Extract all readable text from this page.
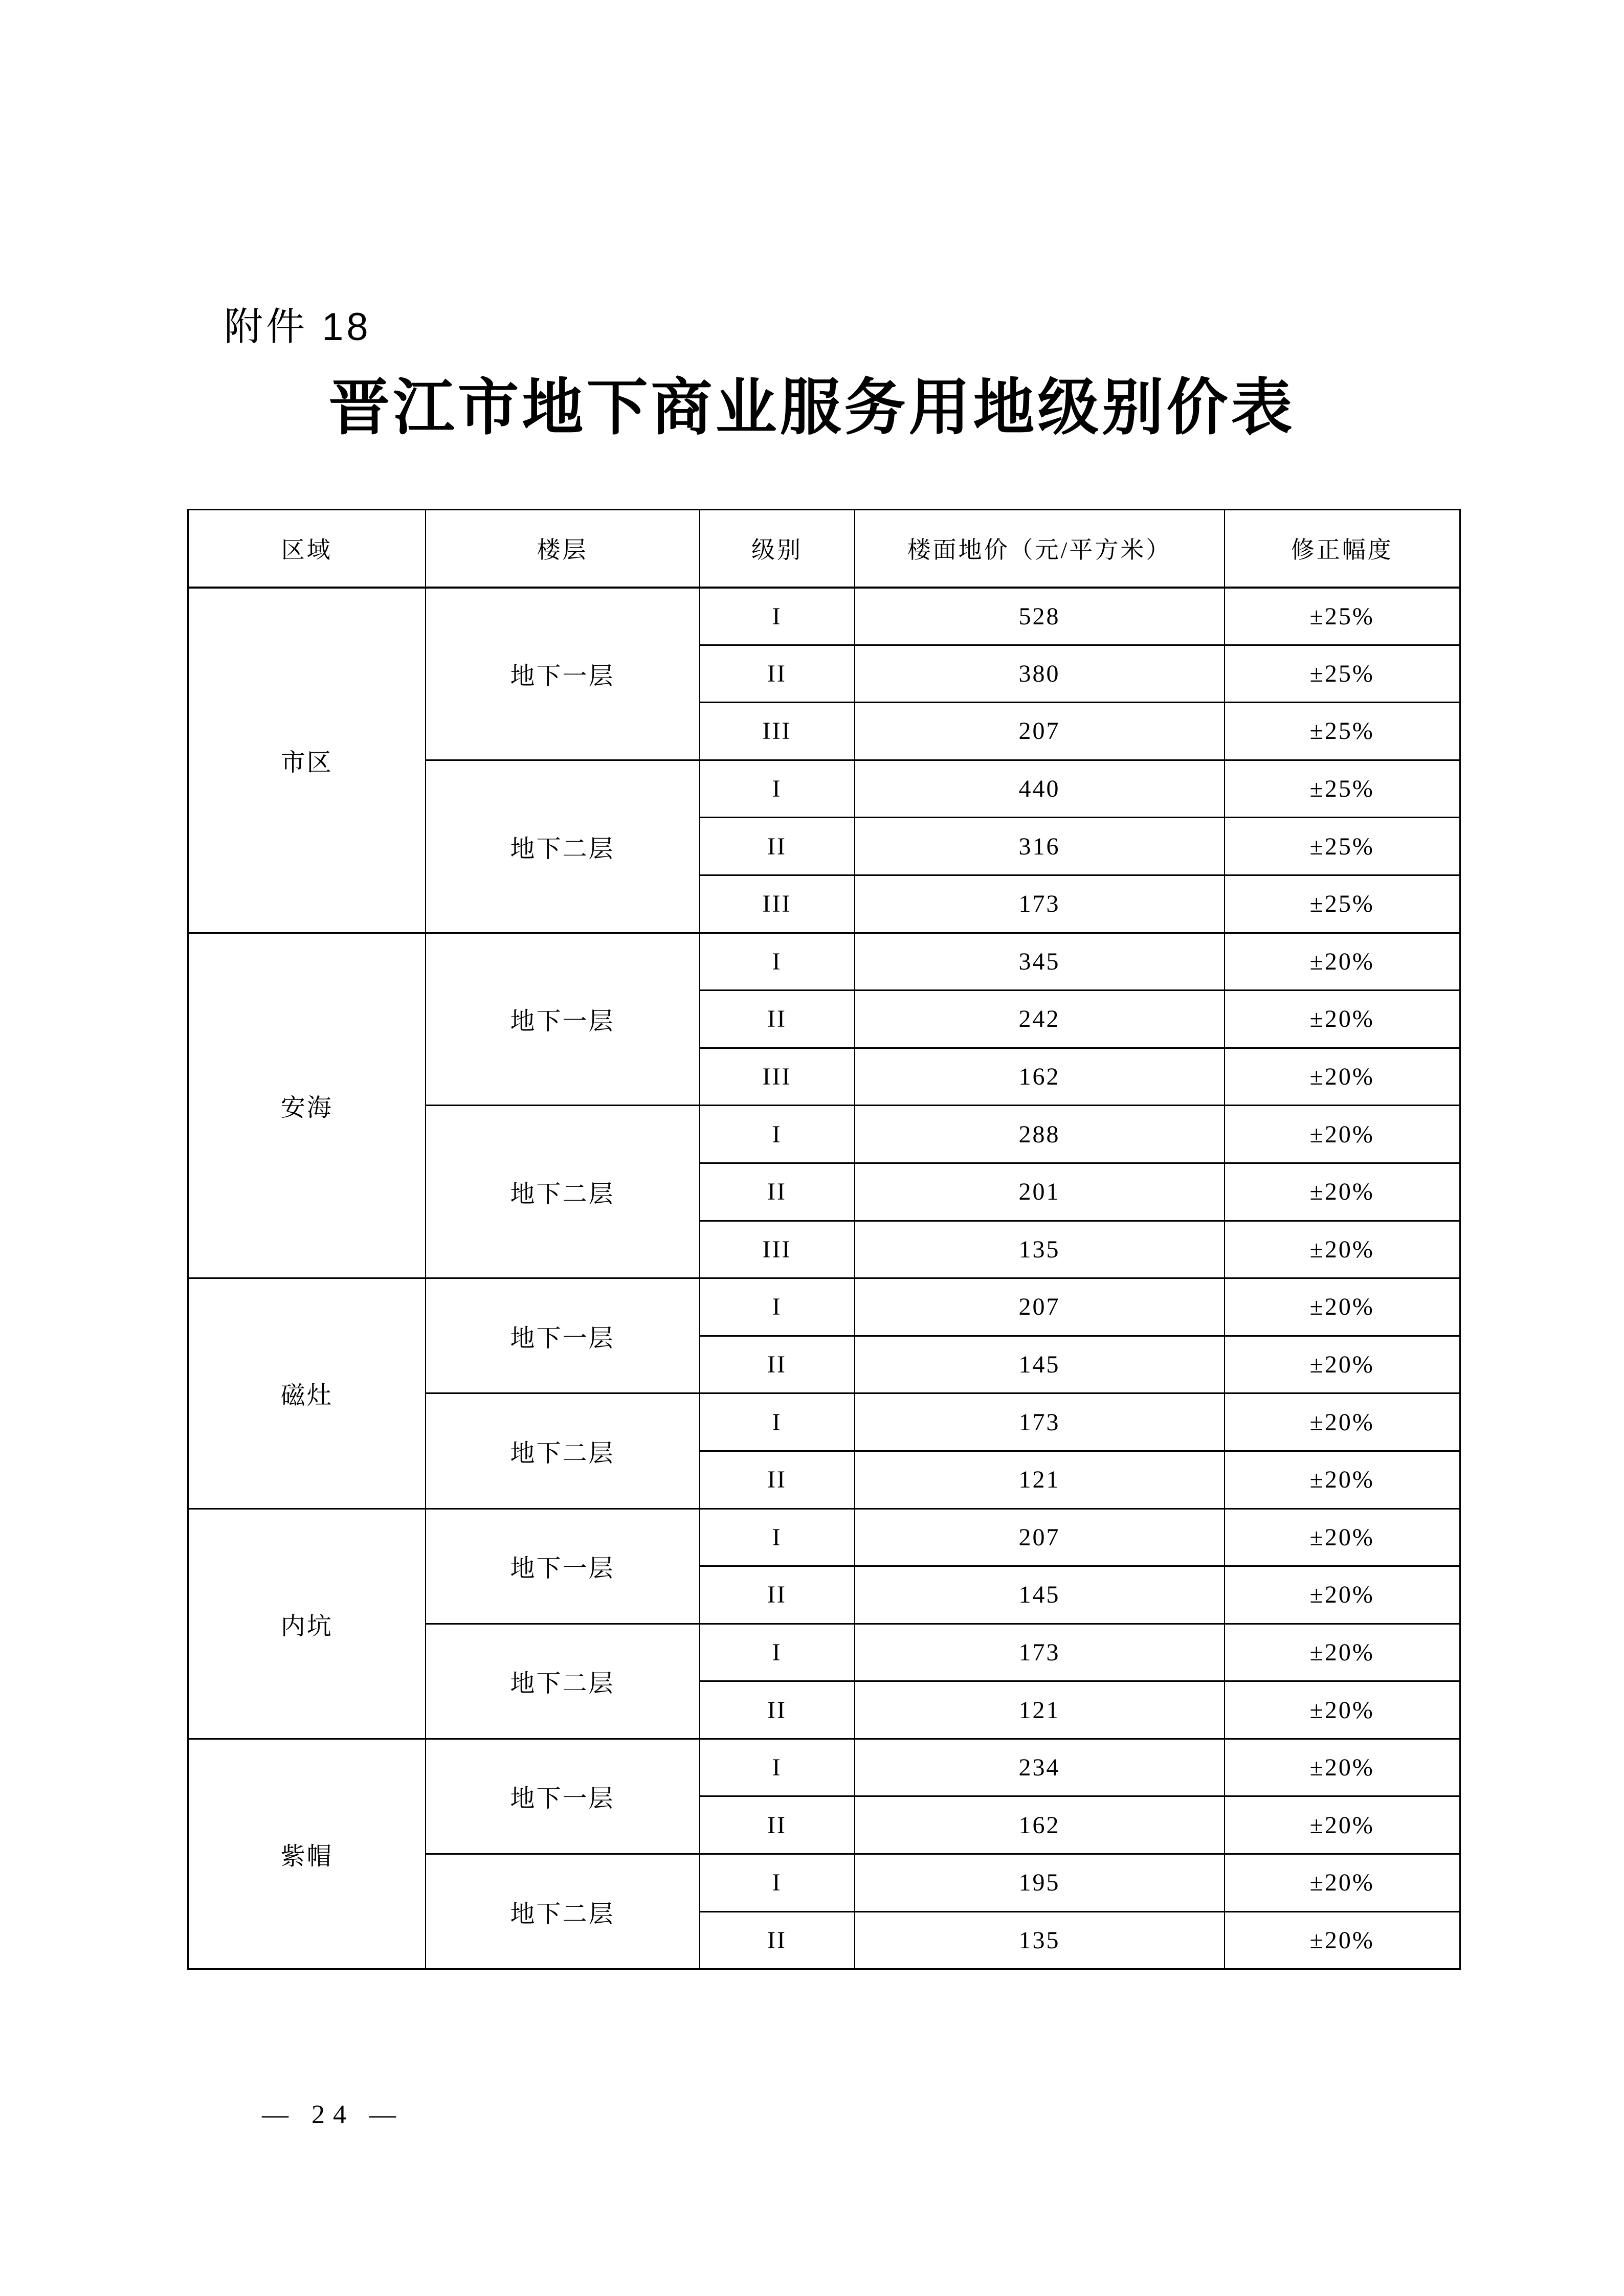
附件 18
晋江市地下商业服务用地级别价表
区域	楼层	级别	楼面地价（元/平方米）	修正幅度
市区	地下一层	I	528	±25%
		II	380	±25%
		III	207	±25%
	地下二层	I	440	±25%
		II	316	±25%
		III	173	±25%
安海	地下一层	I	345	±20%
		II	242	±20%
		III	162	±20%
	地下二层	I	288	±20%
		II	201	±20%
		III	135	±20%
磁灶	地下一层	I	207	±20%
		II	145	±20%
	地下二层	I	173	±20%
		II	121	±20%
内坑	地下一层	I	207	±20%
		II	145	±20%
	地下二层	I	173	±20%
		II	121	±20%
紫帽	地下一层	I	234	±20%
		II	162	±20%
	地下二层	I	195	±20%
		II	135	±20%
— 24 —
